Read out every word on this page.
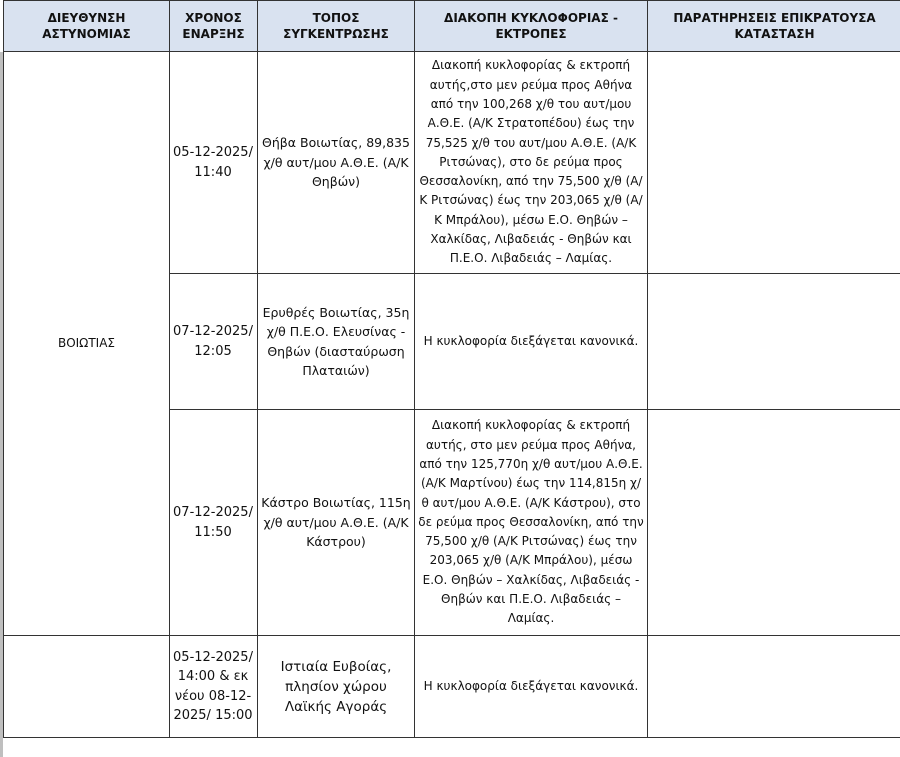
ΔΙΕΥΘΥΝΣΗ ΑΣΤΥΝΟΜΙΑΣ	ΧΡΟΝΟΣ ΕΝΑΡΞΗΣ	ΤΟΠΟΣ ΣΥΓΚΕΝΤΡΩΣΗΣ	ΔΙΑΚΟΠΗ ΚΥΚΛΟΦΟΡΙΑΣ - ΕΚΤΡΟΠΕΣ	ΠΑΡΑΤΗΡΗΣΕΙΣ ΕΠΙΚΡΑΤΟΥΣΑ ΚΑΤΑΣΤΑΣΗ
ΒΟΙΩΤΙΑΣ	05-12-2025/ 11:40	Θήβα Βοιωτίας, 89,835 χ/θ αυτ/μου Α.Θ.Ε. (Α/Κ Θηβών)	Διακοπή κυκλοφορίας & εκτροπή αυτής,στο μεν ρεύμα προς Αθήνα από την 100,268 χ/θ του αυτ/μου Α.Θ.Ε. (Α/Κ Στρατοπέδου) έως την 75,525 χ/θ του αυτ/μου Α.Θ.Ε. (Α/Κ Ριτσώνας), στο δε ρεύμα προς Θεσσαλονίκη, από την 75,500 χ/θ (Α/Κ Ριτσώνας) έως την 203,065 χ/θ (Α/Κ Μπράλου), μέσω Ε.Ο. Θηβών – Χαλκίδας, Λιβαδειάς - Θηβών και Π.Ε.Ο. Λιβαδειάς – Λαμίας.	
	07-12-2025/ 12:05	Ερυθρές Βοιωτίας, 35η χ/θ Π.Ε.Ο. Ελευσίνας - Θηβών (διασταύρωση Πλαταιών)	Η κυκλοφορία διεξάγεται κανονικά.	
	07-12-2025/ 11:50	Κάστρο Βοιωτίας, 115η χ/θ αυτ/μου Α.Θ.Ε. (Α/Κ Κάστρου)	Διακοπή κυκλοφορίας & εκτροπή αυτής, στο μεν ρεύμα προς Αθήνα, από την 125,770η χ/θ αυτ/μου Α.Θ.Ε. (Α/Κ Μαρτίνου) έως την 114,815η χ/θ αυτ/μου Α.Θ.Ε. (Α/Κ Κάστρου), στο δε ρεύμα προς Θεσσαλονίκη, από την 75,500 χ/θ (Α/Κ Ριτσώνας) έως την 203,065 χ/θ (Α/Κ Μπράλου), μέσω Ε.Ο. Θηβών – Χαλκίδας, Λιβαδειάς - Θηβών και Π.Ε.Ο. Λιβαδειάς – Λαμίας.	
	05-12-2025/ 14:00 & εκ νέου 08-12-2025/ 15:00	Ιστιαία Ευβοίας, πλησίον χώρου Λαϊκής Αγοράς	Η κυκλοφορία διεξάγεται κανονικά.	
